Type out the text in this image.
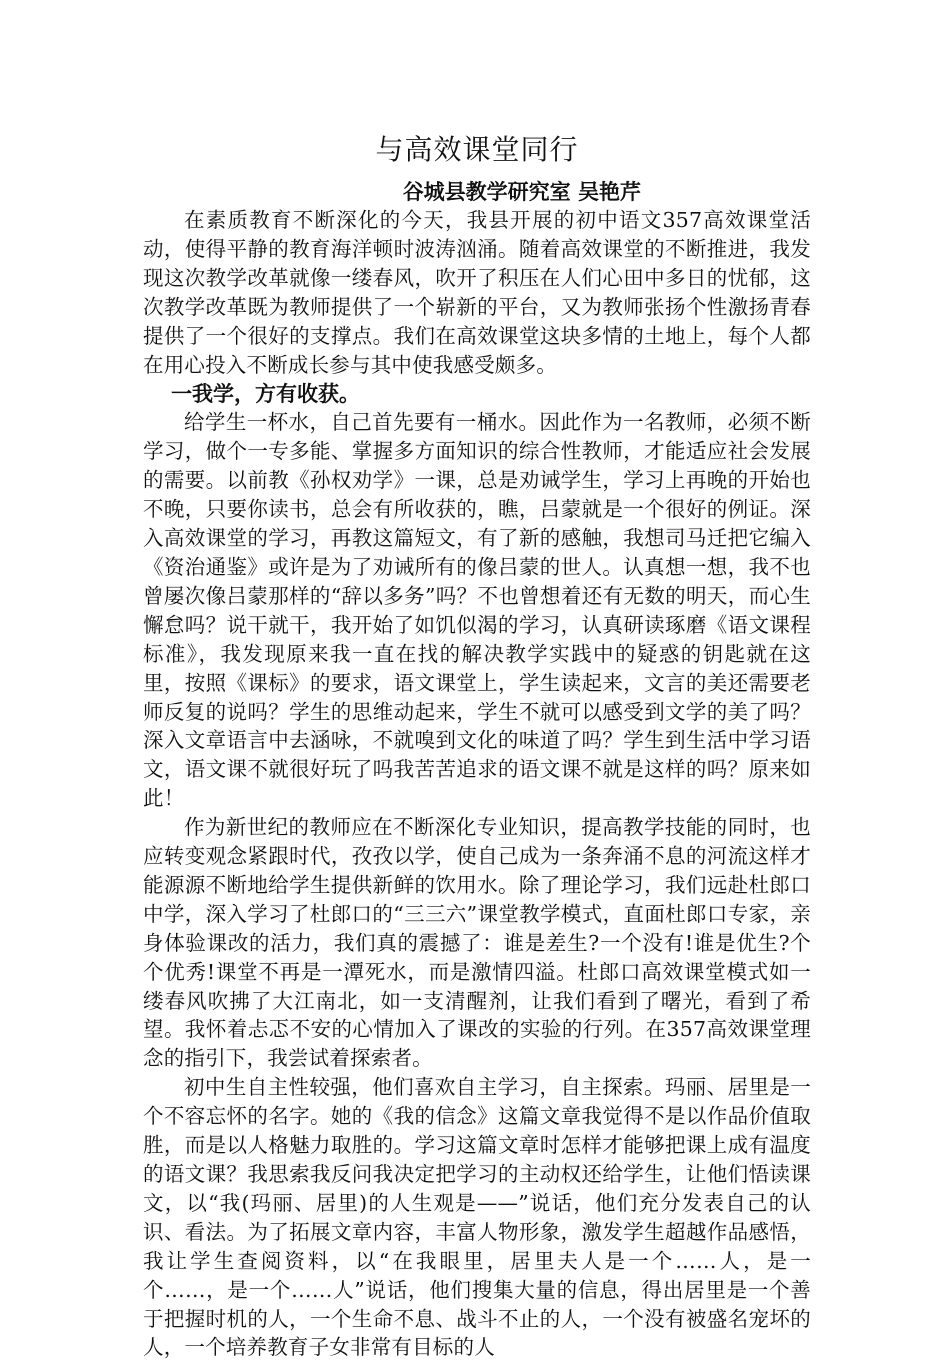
与高效课堂同行

谷城县教学研究室 吴艳芹

在素质教育不断深化的今天，我县开展的初中语文357高效课堂活动，使得平静的教育海洋顿时波涛汹涌。随着高效课堂的不断推进，我发现这次教学改革就像一缕春风，吹开了积压在人们心田中多日的忧郁，这次教学改革既为教师提供了一个崭新的平台，又为教师张扬个性激扬青春提供了一个很好的支撑点。我们在高效课堂这块多情的土地上，每个人都在用心投入不断成长参与其中使我感受颇多。

一我学，方有收获。

给学生一杯水，自己首先要有一桶水。因此作为一名教师，必须不断学习，做个一专多能、掌握多方面知识的综合性教师，才能适应社会发展的需要。以前教《孙权劝学》一课，总是劝诫学生，学习上再晚的开始也不晚，只要你读书，总会有所收获的，瞧，吕蒙就是一个很好的例证。深入高效课堂的学习，再教这篇短文，有了新的感触，我想司马迁把它编入《资治通鉴》或许是为了劝诫所有的像吕蒙的世人。认真想一想，我不也曾屡次像吕蒙那样的“辞以多务”吗？不也曾想着还有无数的明天，而心生懈怠吗？说干就干，我开始了如饥似渴的学习，认真研读琢磨《语文课程标准》，我发现原来我一直在找的解决教学实践中的疑惑的钥匙就在这里，按照《课标》的要求，语文课堂上，学生读起来，文言的美还需要老师反复的说吗？学生的思维动起来，学生不就可以感受到文学的美了吗？深入文章语言中去涵咏，不就嗅到文化的味道了吗？学生到生活中学习语文，语文课不就很好玩了吗我苦苦追求的语文课不就是这样的吗？原来如此！

作为新世纪的教师应在不断深化专业知识，提高教学技能的同时，也应转变观念紧跟时代，孜孜以学，使自己成为一条奔涌不息的河流这样才能源源不断地给学生提供新鲜的饮用水。除了理论学习，我们远赴杜郎口中学，深入学习了杜郎口的“三三六”课堂教学模式，直面杜郎口专家，亲身体验课改的活力，我们真的震撼了：谁是差生?一个没有!谁是优生?个个优秀!课堂不再是一潭死水，而是激情四溢。杜郎口高效课堂模式如一缕春风吹拂了大江南北，如一支清醒剂，让我们看到了曙光，看到了希望。我怀着忐忑不安的心情加入了课改的实验的行列。在357高效课堂理念的指引下，我尝试着探索者。

初中生自主性较强，他们喜欢自主学习，自主探索。玛丽、居里是一个不容忘怀的名字。她的《我的信念》这篇文章我觉得不是以作品价值取胜，而是以人格魅力取胜的。学习这篇文章时怎样才能够把课上成有温度的语文课？我思索我反问我决定把学习的主动权还给学生，让他们悟读课文，以“我(玛丽、居里)的人生观是——”说话，他们充分发表自己的认识、看法。为了拓展文章内容，丰富人物形象，激发学生超越作品感悟，我让学生查阅资料，以“在我眼里，居里夫人是一个……人，是一个……，是一个……人”说话，他们搜集大量的信息，得出居里是一个善于把握时机的人，一个生命不息、战斗不止的人，一个没有被盛名宠坏的人，一个培养教育子女非常有目标的人
